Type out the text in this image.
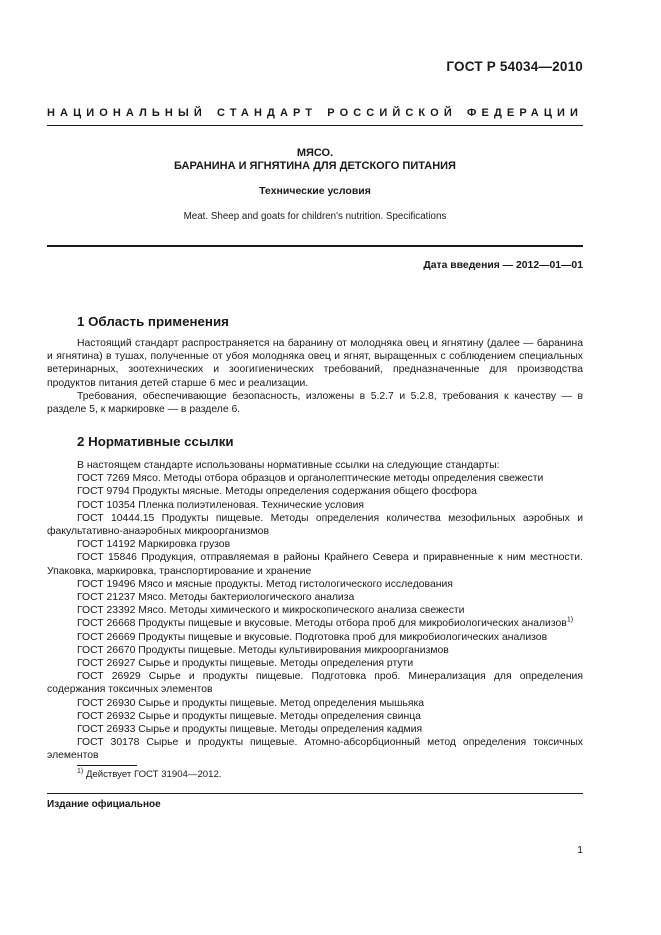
ГОСТ Р 54034—2010
НАЦИОНАЛЬНЫЙ СТАНДАРТ РОССИЙСКОЙ ФЕДЕРАЦИИ
МЯСО.
БАРАНИНА И ЯГНЯТИНА ДЛЯ ДЕТСКОГО ПИТАНИЯ
Технические условия
Meat. Sheep and goats for children's nutrition. Specifications
Дата введения — 2012—01—01
1 Область применения

Настоящий стандарт распространяется на баранину от молодняка овец и ягнятину (далее — баранина и ягнятина) в тушах, полученные от убоя молодняка овец и ягнят, выращенных с соблюдением специальных ветеринарных, зоотехнических и зоогигиенических требований, предназначенные для производства продуктов питания детей старше 6 мес и реализации.

Требования, обеспечивающие безопасность, изложены в 5.2.7 и 5.2.8, требования к качеству — в разделе 5, к маркировке — в разделе 6.

2 Нормативные ссылки

В настоящем стандарте использованы нормативные ссылки на следующие стандарты:

ГОСТ 7269 Мясо. Методы отбора образцов и органолептические методы определения свежести

ГОСТ 9794 Продукты мясные. Методы определения содержания общего фосфора

ГОСТ 10354 Пленка полиэтиленовая. Технические условия

ГОСТ 10444.15 Продукты пищевые. Методы определения количества мезофильных аэробных и факультативно-анаэробных микроорганизмов

ГОСТ 14192 Маркировка грузов

ГОСТ 15846 Продукция, отправляемая в районы Крайнего Севера и приравненные к ним местности. Упаковка, маркировка, транспортирование и хранение

ГОСТ 19496 Мясо и мясные продукты. Метод гистологического исследования

ГОСТ 21237 Мясо. Методы бактериологического анализа

ГОСТ 23392 Мясо. Методы химического и микроскопического анализа свежести

ГОСТ 26668 Продукты пищевые и вкусовые. Методы отбора проб для микробиологических анализов$^{1)}$

ГОСТ 26669 Продукты пищевые и вкусовые. Подготовка проб для микробиологических анализов

ГОСТ 26670 Продукты пищевые. Методы культивирования микроорганизмов

ГОСТ 26927 Сырье и продукты пищевые. Методы определения ртути

ГОСТ 26929 Сырье и продукты пищевые. Подготовка проб. Минерализация для определения содержания токсичных элементов

ГОСТ 26930 Сырье и продукты пищевые. Метод определения мышьяка

ГОСТ 26932 Сырье и продукты пищевые. Методы определения свинца

ГОСТ 26933 Сырье и продукты пищевые. Методы определения кадмия

ГОСТ 30178 Сырье и продукты пищевые. Атомно-абсорбционный метод определения токсичных элементов

$^{1)}$ Действует ГОСТ 31904—2012.
Издание официальное
1
